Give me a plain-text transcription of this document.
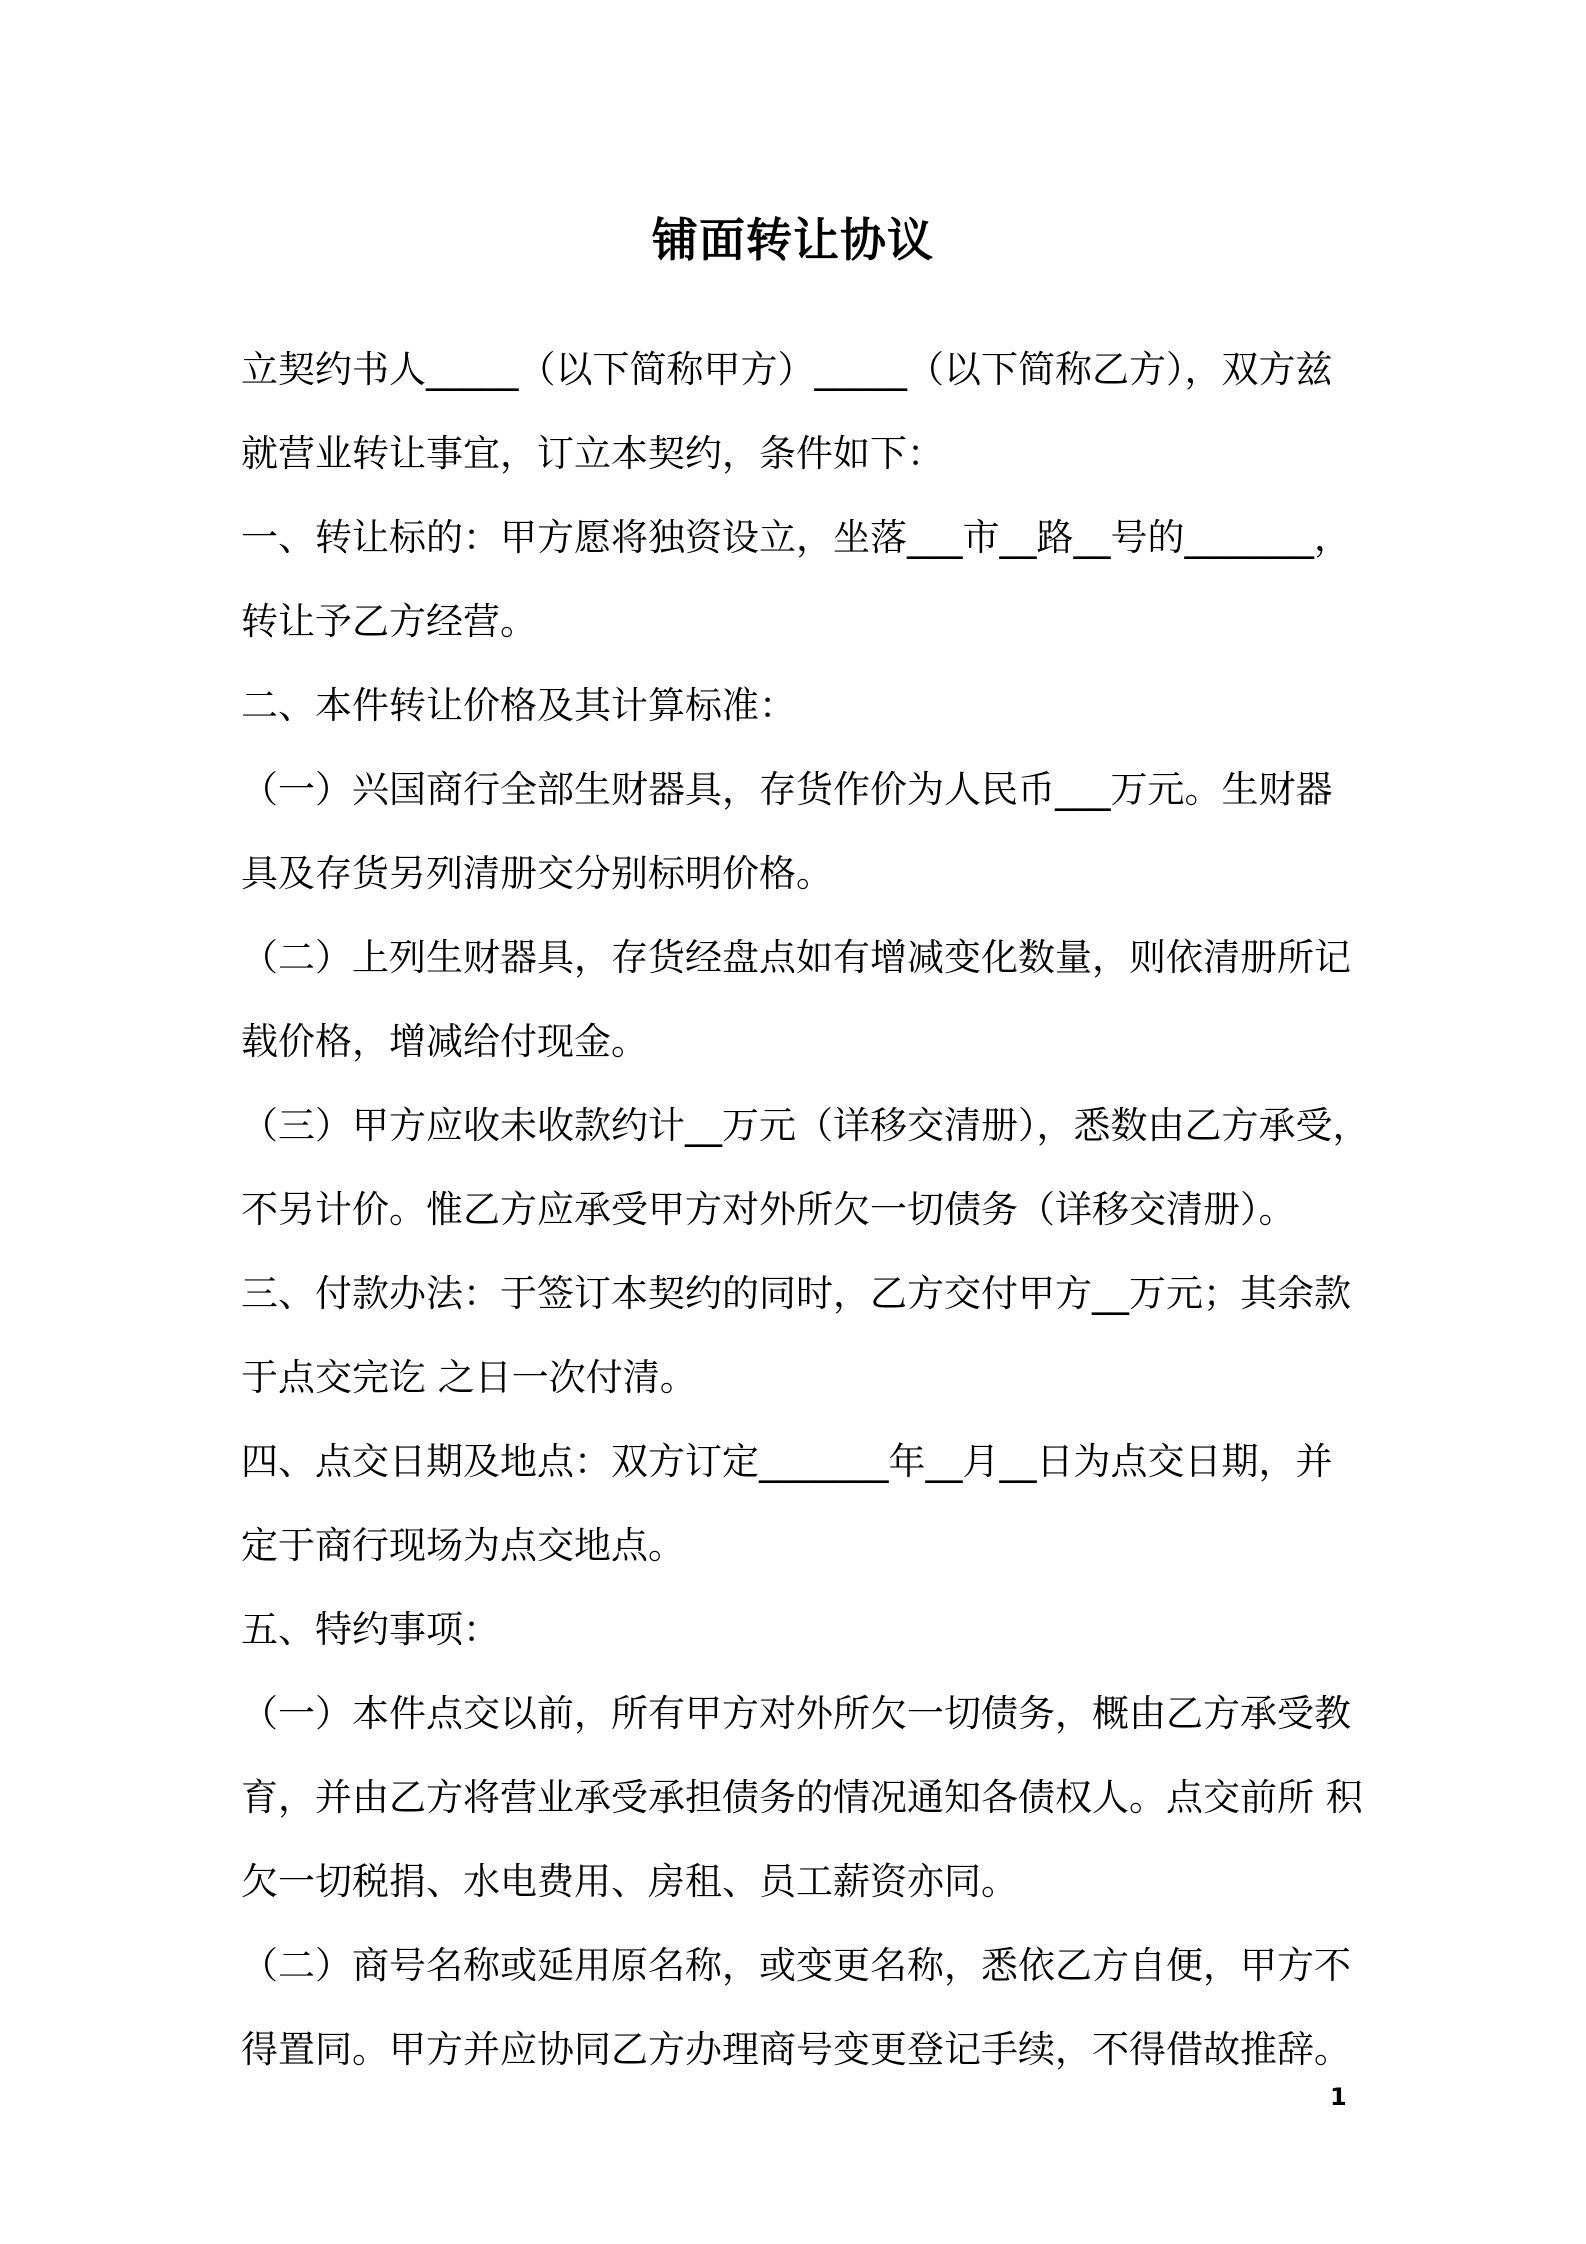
铺面转让协议
立契约书人_____（以下简称甲方）_____（以下简称乙方），双方兹
就营业转让事宜，订立本契约，条件如下：
一、转让标的：甲方愿将独资设立，坐落___市__路__号的_______，
转让予乙方经营。
二、本件转让价格及其计算标准：
（一）兴国商行全部生财器具，存货作价为人民币___万元。生财器
具及存货另列清册交分别标明价格。
（二）上列生财器具，存货经盘点如有增减变化数量，则依清册所记
载价格，增减给付现金。
（三）甲方应收未收款约计__万元（详移交清册），悉数由乙方承受，
不另计价。惟乙方应承受甲方对外所欠一切债务（详移交清册）。
三、付款办法：于签订本契约的同时，乙方交付甲方__万元；其余款
于点交完讫 之日一次付清。
四、点交日期及地点：双方订定_______年__月__日为点交日期，并
定于商行现场为点交地点。
五、特约事项：
（一）本件点交以前，所有甲方对外所欠一切债务，概由乙方承受教
育，并由乙方将营业承受承担债务的情况通知各债权人。点交前所 积
欠一切税捐、水电费用、房租、员工薪资亦同。
（二）商号名称或延用原名称，或变更名称，悉依乙方自便，甲方不
得置同。甲方并应协同乙方办理商号变更登记手续，不得借故推辞。
1
